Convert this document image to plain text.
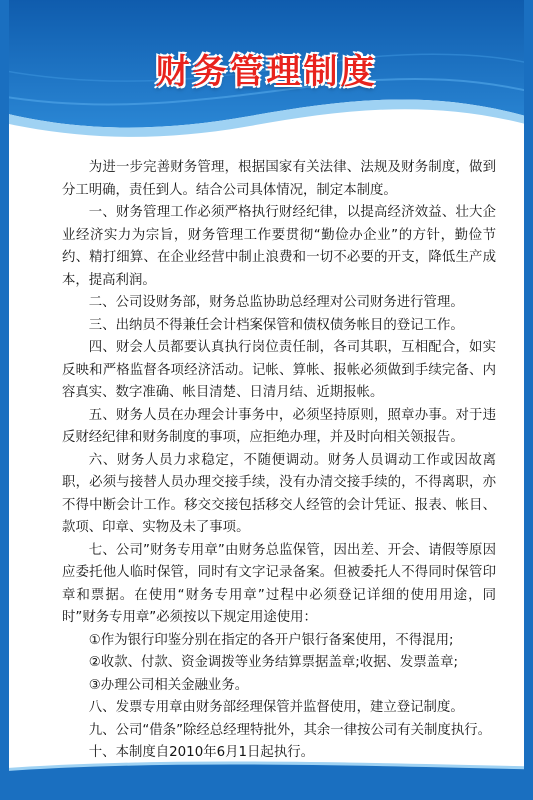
财务管理制度

为进一步完善财务管理，根据国家有关法律、法规及财务制度，做到分工明确，责任到人。结合公司具体情况，制定本制度。

一、财务管理工作必须严格执行财经纪律，以提高经济效益、壮大企业经济实力为宗旨，财务管理工作要贯彻“勤俭办企业”的方针，勤俭节约、精打细算、在企业经营中制止浪费和一切不必要的开支，降低生产成本，提高利润。

二、公司设财务部，财务总监协助总经理对公司财务进行管理。

三、出纳员不得兼任会计档案保管和债权债务帐目的登记工作。

四、财会人员都要认真执行岗位责任制，各司其职，互相配合，如实反映和严格监督各项经济活动。记帐、算帐、报帐必须做到手续完备、内容真实、数字准确、帐目清楚、日清月结、近期报帐。

五、财务人员在办理会计事务中，必须坚持原则，照章办事。对于违反财经纪律和财务制度的事项，应拒绝办理，并及时向相关领报告。

六、财务人员力求稳定，不随便调动。财务人员调动工作或因故离职，必须与接替人员办理交接手续，没有办清交接手续的，不得离职，亦不得中断会计工作。移交交接包括移交人经管的会计凭证、报表、帐目、款项、印章、实物及未了事项。

七、公司”财务专用章”由财务总监保管，因出差、开会、请假等原因应委托他人临时保管，同时有文字记录备案。但被委托人不得同时保管印章和票据。在使用“财务专用章”过程中必须登记详细的使用用途，同时”财务专用章”必须按以下规定用途使用：

①作为银行印鉴分别在指定的各开户银行备案使用，不得混用;

②收款、付款、资金调拨等业务结算票据盖章;收据、发票盖章;

③办理公司相关金融业务。

八、发票专用章由财务部经理保管并监督使用，建立登记制度。

九、公司“借条”除经总经理特批外，其余一律按公司有关制度执行。

十、本制度自2010年6月1日起执行。
